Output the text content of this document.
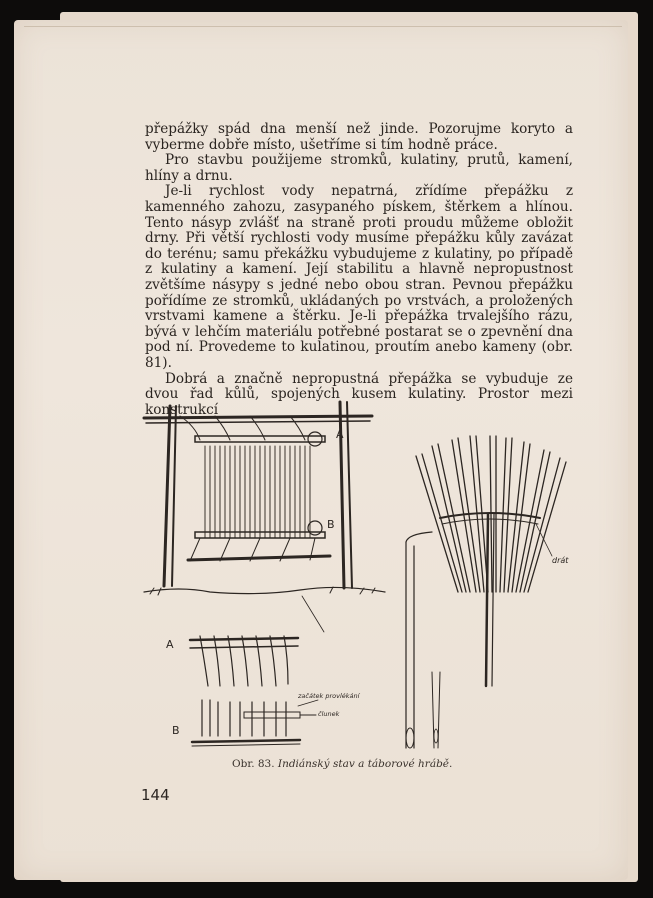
přepážky spád dna menší než jinde. Pozorujme koryto a vyberme dobře místo, ušetříme si tím hodně práce.

Pro stavbu použijeme stromků, kulatiny, prutů, kamení, hlíny a drnu.

Je-li rychlost vody nepatrná, zřídíme přepážku z kamenného zahozu, zasypaného pískem, štěrkem a hlínou. Tento násyp zvlášť na straně proti proudu můžeme obložit drny. Při větší rychlosti vody musíme přepážku kůly zavázat do terénu; samu překážku vybudujeme z kulatiny, po případě z kulatiny a kamení. Její stabilitu a hlavně nepropustnost zvětšíme násypy s jedné nebo obou stran. Pevnou přepážku pořídíme ze stromků, ukládaných po vrstvách, a proložených vrstvami kamene a štěrku. Je-li přepážka trvalejšího rázu, bývá v lehčím materiálu potřebné postarat se o zpevnění dna pod ní. Provedeme to kulatinou, proutím anebo kameny (obr. 81).

Dobrá a značně nepropustná přepážka se vybuduje ze dvou řad kůlů, spojených kusem kulatiny. Prostor mezi konstrukcí

A
B
A
B
drát
začátek provlékání
člunek
Obr. 83. Indiánský stav a táborové hrábě.
144
